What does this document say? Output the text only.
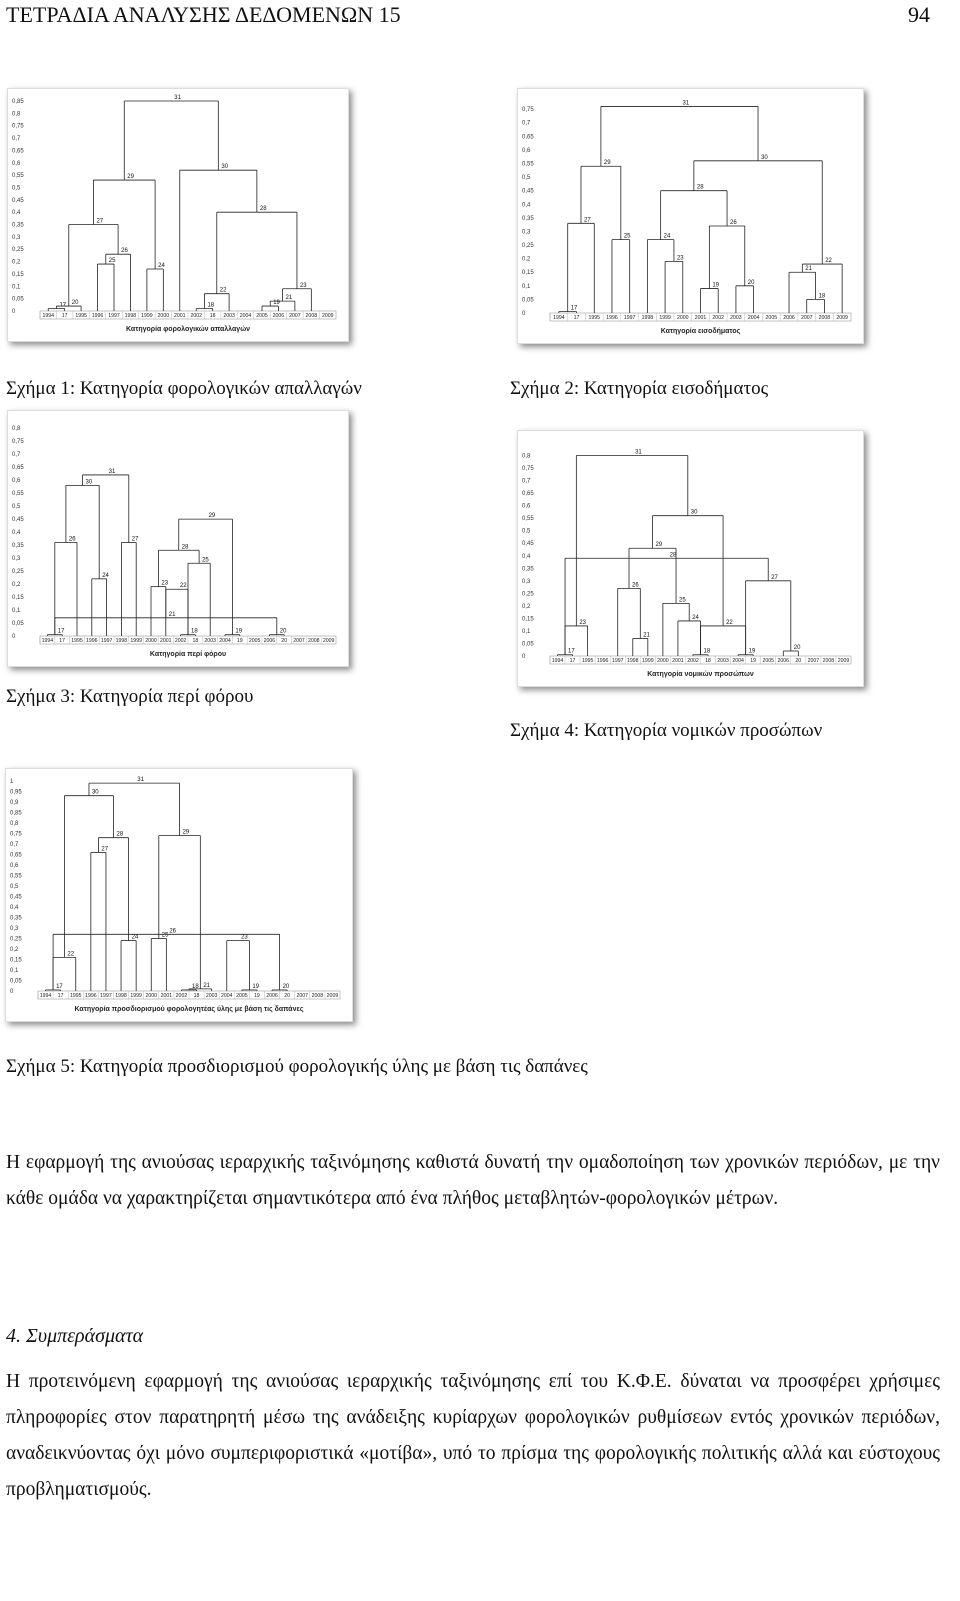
ΤΕΤΡΑΔΙΑ ΑΝΑΛΥΣΗΣ ΔΕΔΟΜΕΝΩΝ 15	94
0
0,05
0,1
0,15
0,2
0,25
0,3
0,35
0,4
0,45
0,5
0,55
0,6
0,65
0,7
0,75
0,8
0,85
1994 17 1995 1996 1997 1998 1999 2000 2001 2002 18 2003 2004 2005 2006 2007 2008 2009
Κατηγορία φορολογικών απαλλαγών
17 20	18	19
21
22
23
24
25
26
27
28
29
30
31
0
0,05
0,1
0,15
0,2
0,25
0,3
0,35
0,4
0,45
0,5
0,55
0,6
0,65
0,7
0,75
1994 17 1995 1996 1997 1998 1999 2000 2001 2002 2003 2004 2005 2006 2007 2008 2009
Κατηγορία εισοδήματος
17
18
19	20
21
22
23
24
25
26
27
28
29
30
31
Σχήμα 1: Κατηγορία φορολογικών απαλλαγών	Σχήμα 2: Κατηγορία εισοδήματος
0
0,05
0,1
0,15
0,2
0,25
0,3
0,35
0,4
0,45
0,5
0,55
0,6
0,65
0,7
0,75
0,8
1994 17 1995 1996 1997 1998 1999 2000 2001 2002 18 2003 2004 19 2005 2006 20 2007 2008 2009
Κατηγορία περί φόρου
17	18	19	20
21
22
23
24
25
26	27
28
29
30
31
0
0,05
0,1
0,15
0,2
0,25
0,3
0,35
0,4
0,45
0,5
0,55
0,6
0,65
0,7
0,75
0,8
1994 17 1995 1996 1997 1998 1999 2000 2001 2002 18 2003 2004 19 2005 2006 20 2007 2008 2009
Κατηγορία νομικών προσώπων
17	18	19
20
21
22
23
24
25
26
27
28
29
30
31
Σχήμα 3: Κατηγορία περί φόρου
Σχήμα 4: Κατηγορία νομικών προσώπων
0
0,05
0,1
0,15
0,2
0,25
0,3
0,35
0,4
0,45
0,5
0,55
0,6
0,65
0,7
0,75
0,8
0,85
0,9
0,95
1
1994 17 1995 1996 1997 1998 1999 2000 2001 2002 18 2003 2004 2005 19 2006 20 2007 2008 2009
Κατηγορία προσδιορισμού φορολογητέας ύλης με βάση τις δαπάνες
17	18	19	20
21
22
23
24	25
26
27
28	29
30
31
Σχήμα 5: Κατηγορία προσδιορισμού φορολογικής ύλης με βάση τις δαπάνες
Η εφαρμογή της ανιούσας ιεραρχικής ταξινόμησης καθιστά δυνατή την ομαδοποίηση των χρονικών περιόδων, με την κάθε ομάδα να χαρακτηρίζεται σημαντικότερα από ένα πλήθος μεταβλητών-φορολογικών μέτρων.
4. Συμπεράσματα
Η προτεινόμενη εφαρμογή της ανιούσας ιεραρχικής ταξινόμησης επί του Κ.Φ.Ε. δύναται να προσφέρει χρήσιμες πληροφορίες στον παρατηρητή μέσω της ανάδειξης κυρίαρχων φορολογικών ρυθμίσεων εντός χρονικών περιόδων, αναδεικνύοντας όχι μόνο συμπεριφοριστικά «μοτίβα», υπό το πρίσμα της φορολογικής πολιτικής αλλά και εύστοχους προβληματισμούς.
